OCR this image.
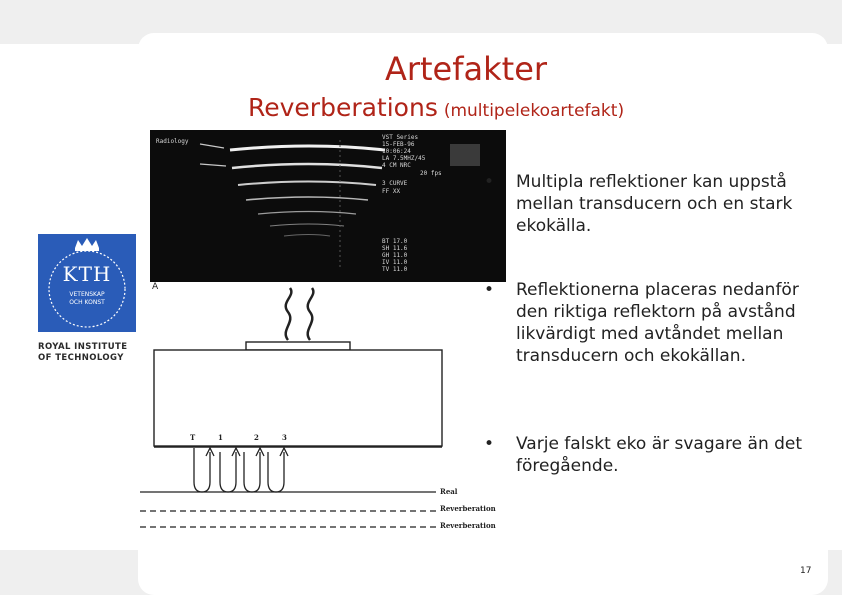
Artefakter
Reverberations (multipelekoartefakt)
KTH
VETENSKAP
OCH KONST
ROYAL INSTITUTE
OF TECHNOLOGY
Radiology
VST Series
15-FEB-96
10:06:24
LA 7.5MHZ/45
4 CM NRC
20 fps
3 CURVE
FF XX
BT 17.0
SH 11.6
GH 11.0
IV 11.0
TV 11.0
A
T	1	2	3
Real
Reverberation
Reverberation
• Multipla reflektioner kan uppstå mellan transducern och en stark ekokälla.
• Reflektionerna placeras nedanför den riktiga reflektorn på avstånd likvärdigt med avtåndet mellan transducern och ekokällan.
• Varje falskt eko är svagare än det föregående.
17
